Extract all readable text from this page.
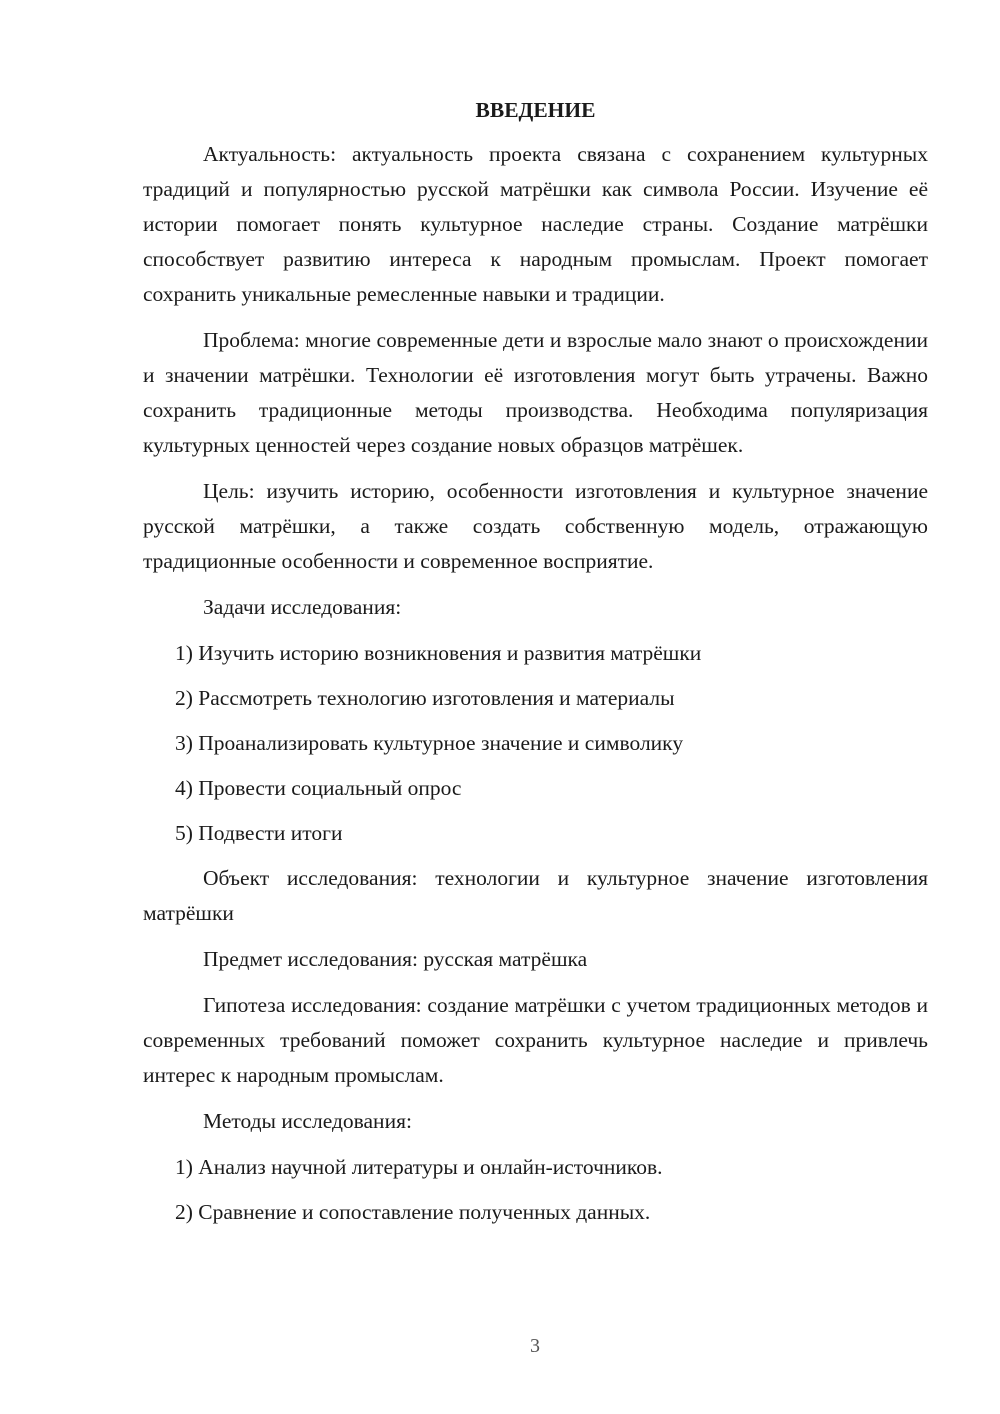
ВВЕДЕНИЕ
Актуальность: актуальность проекта связана с сохранением культурных традиций и популярностью русской матрёшки как символа России. Изучение её истории помогает понять культурное наследие страны. Создание матрёшки способствует развитию интереса к народным промыслам. Проект помогает сохранить уникальные ремесленные навыки и традиции.
Проблема: многие современные дети и взрослые мало знают о происхождении и значении матрёшки. Технологии её изготовления могут быть утрачены. Важно сохранить традиционные методы производства. Необходима популяризация культурных ценностей через создание новых образцов матрёшек.
Цель: изучить историю, особенности изготовления и культурное значение русской матрёшки, а также создать собственную модель, отражающую традиционные особенности и современное восприятие.
Задачи исследования:
1) Изучить историю возникновения и развития матрёшки
2) Рассмотреть технологию изготовления и материалы
3) Проанализировать культурное значение и символику
4) Провести социальный опрос
5) Подвести итоги
Объект исследования: технологии и культурное значение изготовления матрёшки
Предмет исследования: русская матрёшка
Гипотеза исследования: создание матрёшки с учетом традиционных методов и современных требований поможет сохранить культурное наследие и привлечь интерес к народным промыслам.
Методы исследования:
1) Анализ научной литературы и онлайн-источников.
2) Сравнение и сопоставление полученных данных.
3
